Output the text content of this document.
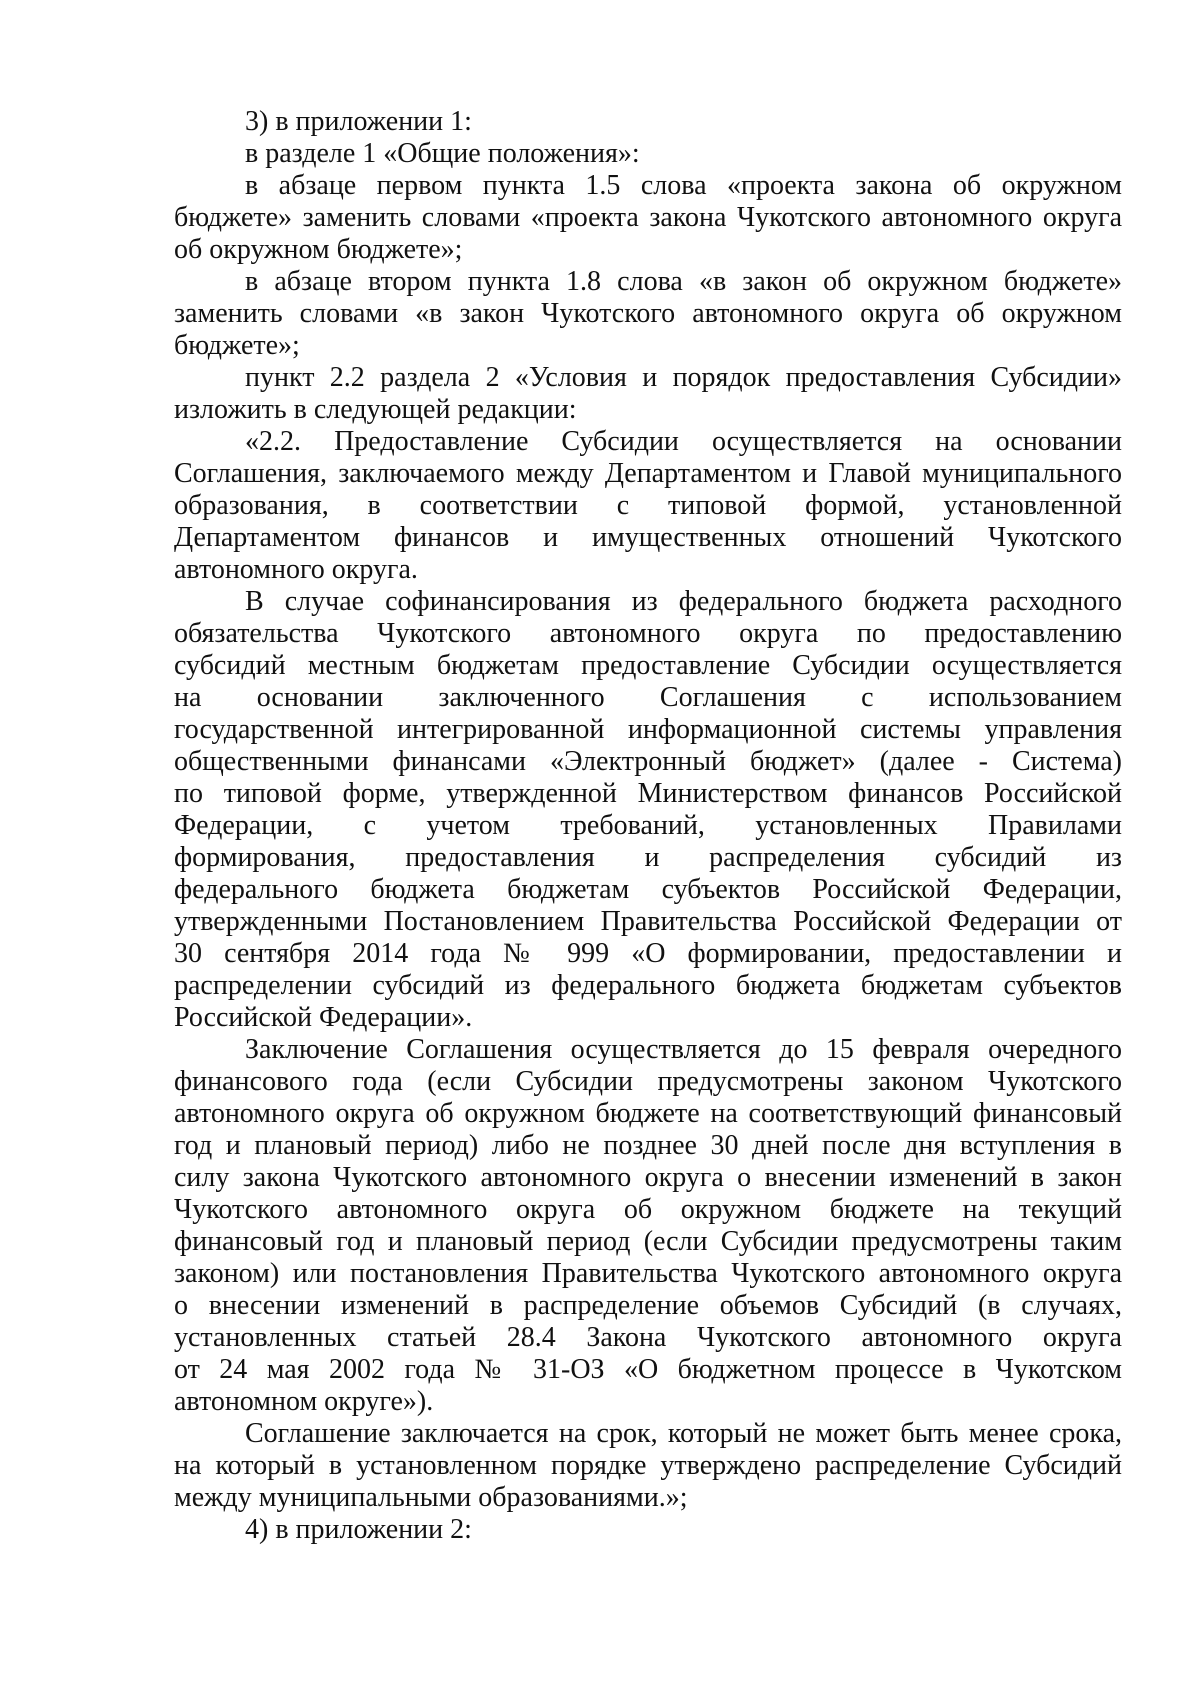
3) в приложении 1:
в разделе 1 «Общие положения»:
в абзаце первом пункта 1.5 слова «проекта закона об окружном
бюджете» заменить словами «проекта закона Чукотского автономного округа
об окружном бюджете»;
в абзаце втором пункта 1.8 слова «в закон об окружном бюджете»
заменить словами «в закон Чукотского автономного округа об окружном
бюджете»;
пункт 2.2 раздела 2 «Условия и порядок предоставления Субсидии»
изложить в следующей редакции:
«2.2. Предоставление Субсидии осуществляется на основании
Соглашения, заключаемого между Департаментом и Главой муниципального
образования, в соответствии с типовой формой, установленной
Департаментом финансов и имущественных отношений Чукотского
автономного округа.
В случае софинансирования из федерального бюджета расходного
обязательства Чукотского автономного округа по предоставлению
субсидий местным бюджетам предоставление Субсидии осуществляется
на основании заключенного Соглашения с использованием
государственной интегрированной информационной системы управления
общественными финансами «Электронный бюджет» (далее - Система)
по типовой форме, утвержденной Министерством финансов Российской
Федерации, с учетом требований, установленных Правилами
формирования, предоставления и распределения субсидий из
федерального бюджета бюджетам субъектов Российской Федерации,
утвержденными Постановлением Правительства Российской Федерации от
30 сентября 2014 года № 999 «О формировании, предоставлении и
распределении субсидий из федерального бюджета бюджетам субъектов
Российской Федерации».
Заключение Соглашения осуществляется до 15 февраля очередного
финансового года (если Субсидии предусмотрены законом Чукотского
автономного округа об окружном бюджете на соответствующий финансовый
год и плановый период) либо не позднее 30 дней после дня вступления в
силу закона Чукотского автономного округа о внесении изменений в закон
Чукотского автономного округа об окружном бюджете на текущий
финансовый год и плановый период (если Субсидии предусмотрены таким
законом) или постановления Правительства Чукотского автономного округа
о внесении изменений в распределение объемов Субсидий (в случаях,
установленных статьей 28.4 Закона Чукотского автономного округа
от 24 мая 2002 года № 31-ОЗ «О бюджетном процессе в Чукотском
автономном округе»).
Соглашение заключается на срок, который не может быть менее срока,
на который в установленном порядке утверждено распределение Субсидий
между муниципальными образованиями.»;
4) в приложении 2:
